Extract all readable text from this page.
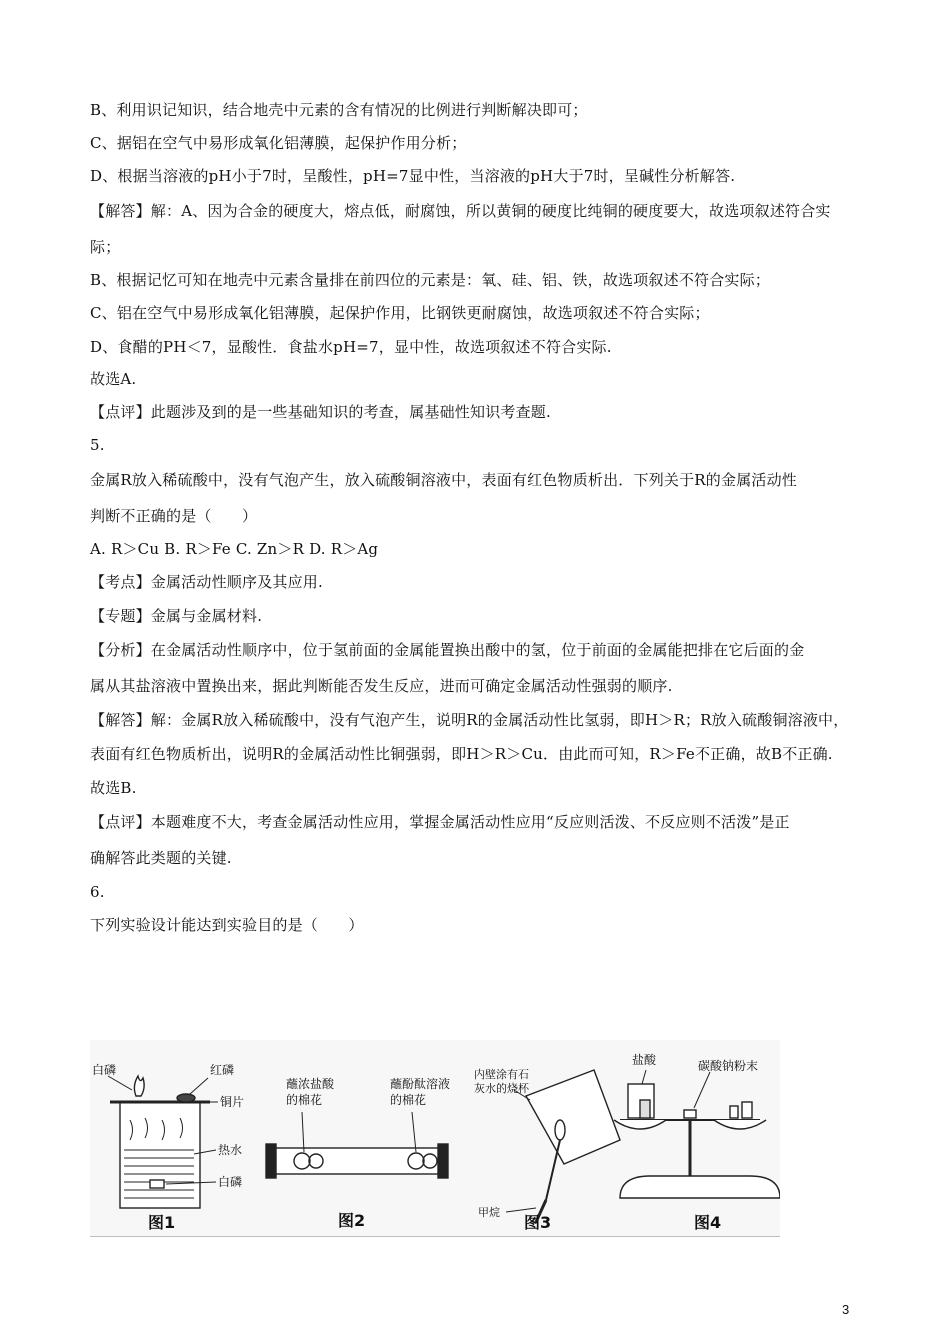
B、利用识记知识，结合地壳中元素的含有情况的比例进行判断解决即可；
C、据铝在空气中易形成氧化铝薄膜，起保护作用分析；
D、根据当溶液的pH小于7时，呈酸性，pH=7显中性，当溶液的pH大于7时，呈碱性分析解答.
【解答】解：A、因为合金的硬度大，熔点低，耐腐蚀，所以黄铜的硬度比纯铜的硬度要大，故选项叙述符合实
际；
B、根据记忆可知在地壳中元素含量排在前四位的元素是：氧、硅、铝、铁，故选项叙述不符合实际；
C、铝在空气中易形成氧化铝薄膜，起保护作用，比钢铁更耐腐蚀，故选项叙述不符合实际；
D、食醋的PH＜7，显酸性．食盐水pH=7，显中性，故选项叙述不符合实际.
故选A.
【点评】此题涉及到的是一些基础知识的考查，属基础性知识考查题.
5.
金属R放入稀硫酸中，没有气泡产生，放入硫酸铜溶液中，表面有红色物质析出．下列关于R的金属活动性
判断不正确的是（　　）
A. R＞Cu B. R＞Fe C. Zn＞R D. R＞Ag
【考点】金属活动性顺序及其应用.
【专题】金属与金属材料.
【分析】在金属活动性顺序中，位于氢前面的金属能置换出酸中的氢，位于前面的金属能把排在它后面的金
属从其盐溶液中置换出来，据此判断能否发生反应，进而可确定金属活动性强弱的顺序.
【解答】解：金属R放入稀硫酸中，没有气泡产生，说明R的金属活动性比氢弱，即H＞R；R放入硫酸铜溶液中，
表面有红色物质析出，说明R的金属活动性比铜强弱，即H＞R＞Cu．由此而可知，R＞Fe不正确，故B不正确.
故选B.
【点评】本题难度不大，考查金属活动性应用，掌握金属活动性应用“反应则活泼、不反应则不活泼”是正
确解答此类题的关键.
6.
下列实验设计能达到实验目的是（　　）
白磷	红磷
铜片
热水
白磷
图1
蘸浓盐酸
的棉花
蘸酚酞溶液
的棉花
图2
内壁涂有石
灰水的烧杯
甲烷
图3
盐酸	碳酸钠粉末
图4
3
